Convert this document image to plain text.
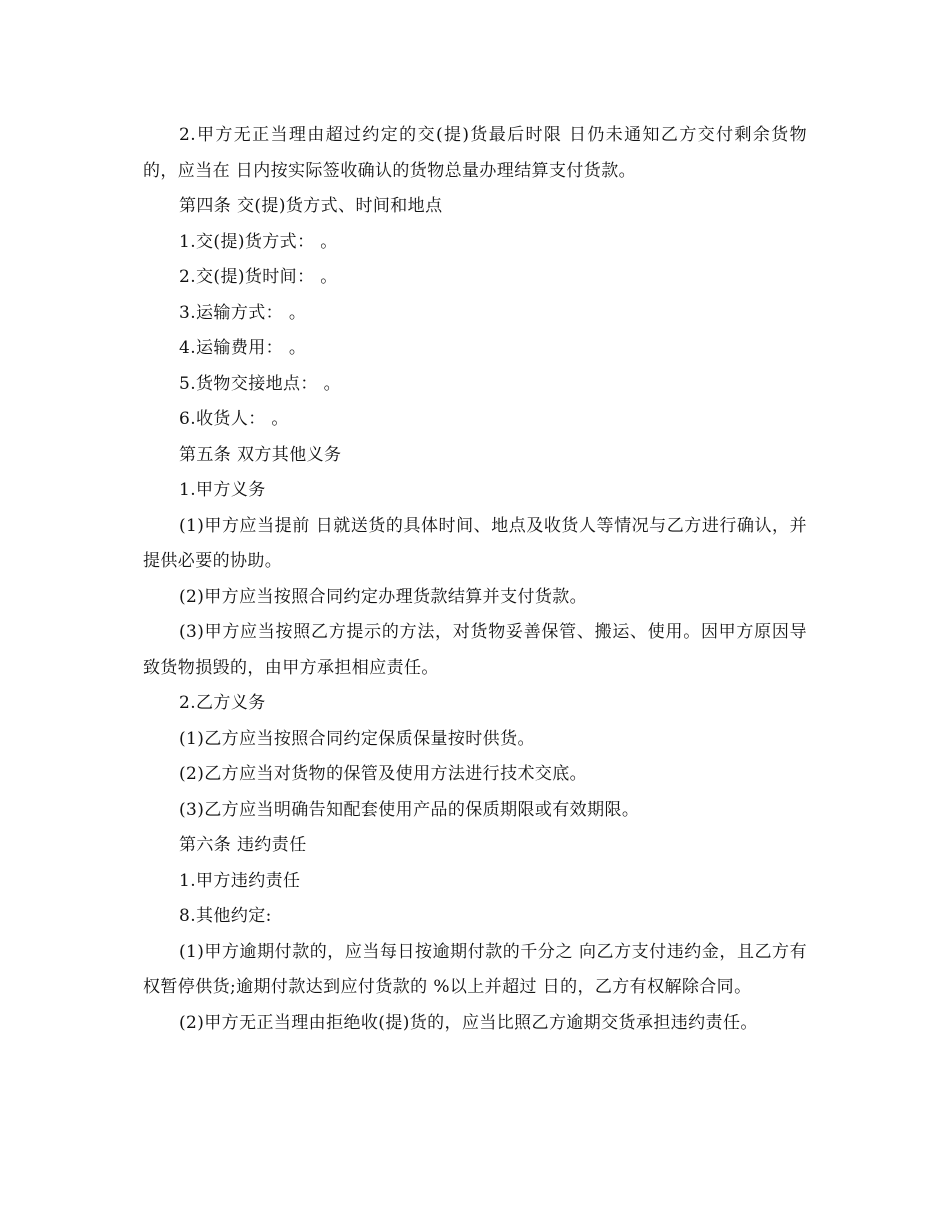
2.甲方无正当理由超过约定的交(提)货最后时限 日仍未通知乙方交付剩余货物的，应当在 日内按实际签收确认的货物总量办理结算支付货款。

第四条 交(提)货方式、时间和地点

1.交(提)货方式： 。

2.交(提)货时间： 。

3.运输方式： 。

4.运输费用： 。

5.货物交接地点： 。

6.收货人： 。

第五条 双方其他义务

1.甲方义务

(1)甲方应当提前 日就送货的具体时间、地点及收货人等情况与乙方进行确认，并提供必要的协助。

(2)甲方应当按照合同约定办理货款结算并支付货款。

(3)甲方应当按照乙方提示的方法，对货物妥善保管、搬运、使用。因甲方原因导致货物损毁的，由甲方承担相应责任。

2.乙方义务

(1)乙方应当按照合同约定保质保量按时供货。

(2)乙方应当对货物的保管及使用方法进行技术交底。

(3)乙方应当明确告知配套使用产品的保质期限或有效期限。

第六条 违约责任

1.甲方违约责任

8.其他约定:

(1)甲方逾期付款的，应当每日按逾期付款的千分之 向乙方支付违约金，且乙方有权暂停供货;逾期付款达到应付货款的 %以上并超过 日的，乙方有权解除合同。

(2)甲方无正当理由拒绝收(提)货的，应当比照乙方逾期交货承担违约责任。
